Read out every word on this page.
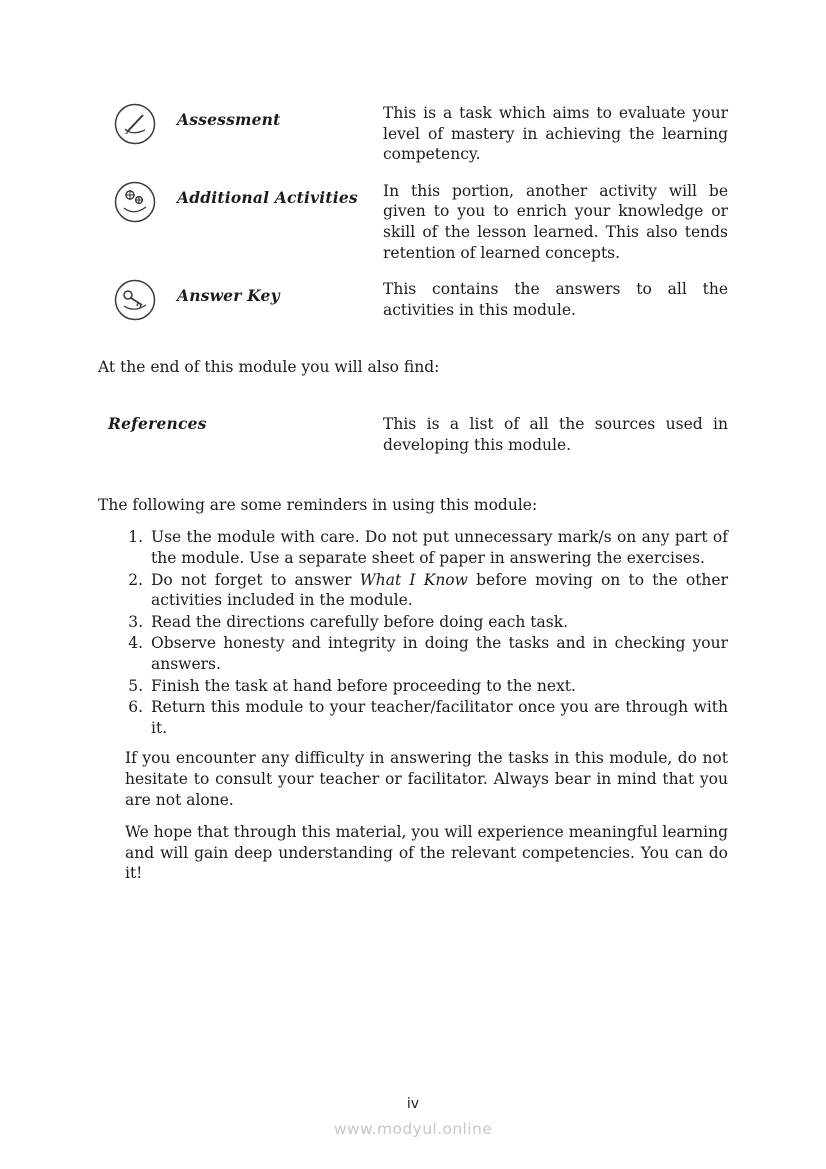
Assessment	This is a task which aims to evaluate your level of mastery in achieving the learning competency.

Additional Activities	In this portion, another activity will be given to you to enrich your knowledge or skill of the lesson learned. This also tends retention of learned concepts.

Answer Key	This contains the answers to all the activities in this module.

At the end of this module you will also find:

References	This is a list of all the sources used in developing this module.

The following are some reminders in using this module:

1. Use the module with care. Do not put unnecessary mark/s on any part of the module. Use a separate sheet of paper in answering the exercises.
2. Do not forget to answer What I Know before moving on to the other activities included in the module.
3. Read the directions carefully before doing each task.
4. Observe honesty and integrity in doing the tasks and in checking your answers.
5. Finish the task at hand before proceeding to the next.
6. Return this module to your teacher/facilitator once you are through with it.

If you encounter any difficulty in answering the tasks in this module, do not hesitate to consult your teacher or facilitator. Always bear in mind that you are not alone.

We hope that through this material, you will experience meaningful learning and will gain deep understanding of the relevant competencies. You can do it!

iv
www.modyul.online
